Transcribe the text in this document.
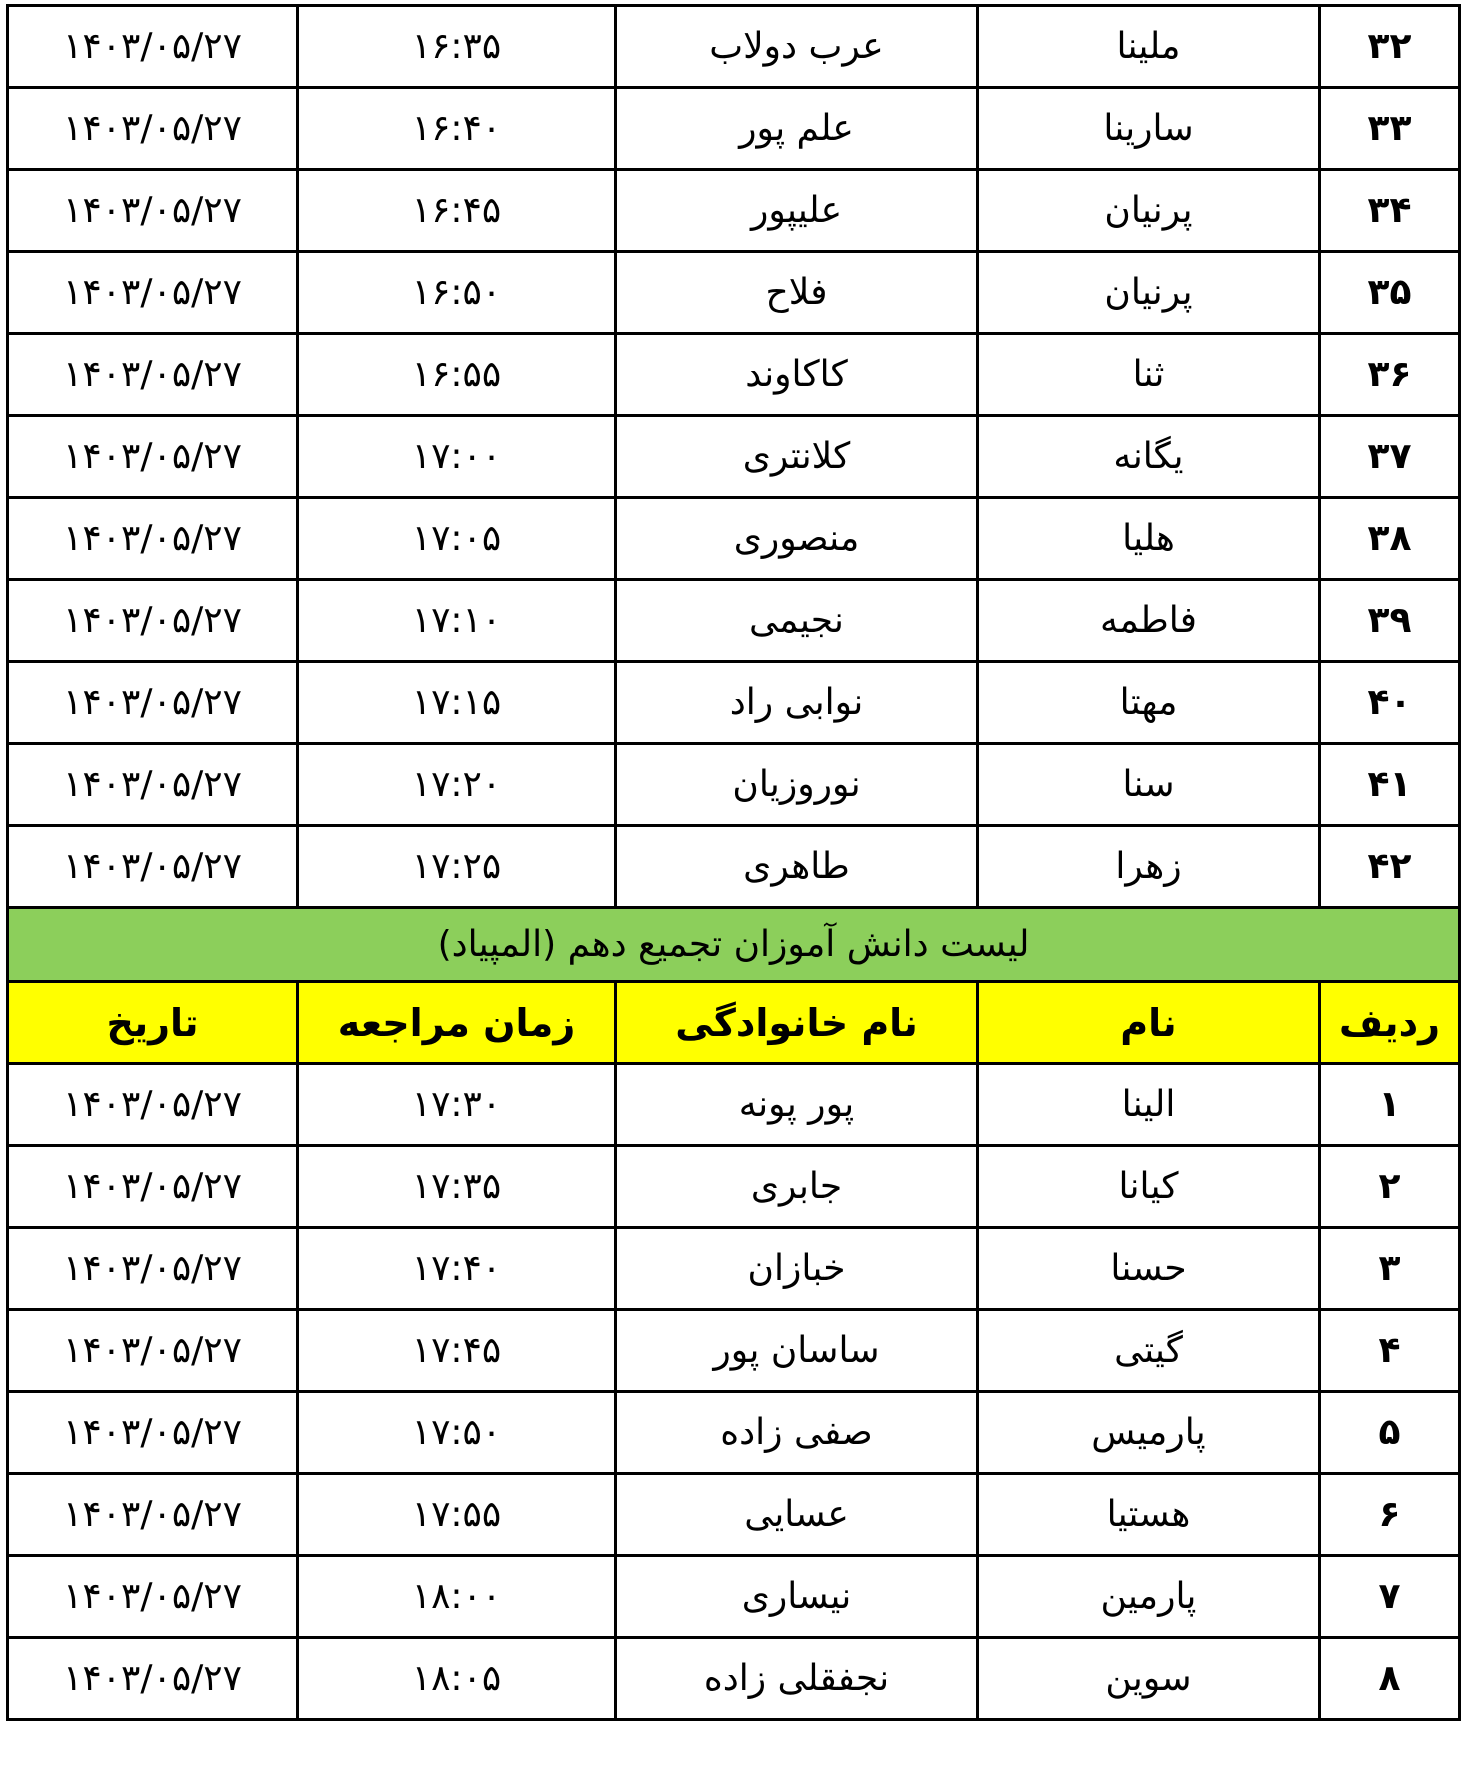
۱۴۰۳/۰۵/۲۷	۱۶:۳۵	عرب دولاب	ملینا	۳۲
۱۴۰۳/۰۵/۲۷	۱۶:۴۰	علم پور	سارینا	۳۳
۱۴۰۳/۰۵/۲۷	۱۶:۴۵	علیپور	پرنیان	۳۴
۱۴۰۳/۰۵/۲۷	۱۶:۵۰	فلاح	پرنیان	۳۵
۱۴۰۳/۰۵/۲۷	۱۶:۵۵	کاکاوند	ثنا	۳۶
۱۴۰۳/۰۵/۲۷	۱۷:۰۰	کلانتری	یگانه	۳۷
۱۴۰۳/۰۵/۲۷	۱۷:۰۵	منصوری	هلیا	۳۸
۱۴۰۳/۰۵/۲۷	۱۷:۱۰	نجیمی	فاطمه	۳۹
۱۴۰۳/۰۵/۲۷	۱۷:۱۵	نوابی راد	مهتا	۴۰
۱۴۰۳/۰۵/۲۷	۱۷:۲۰	نوروزیان	سنا	۴۱
۱۴۰۳/۰۵/۲۷	۱۷:۲۵	طاهری	زهرا	۴۲
لیست دانش آموزان تجمیع دهم (المپیاد)				
تاریخ	زمان مراجعه	نام خانوادگی	نام	ردیف
۱۴۰۳/۰۵/۲۷	۱۷:۳۰	پور پونه	الینا	۱
۱۴۰۳/۰۵/۲۷	۱۷:۳۵	جابری	کیانا	۲
۱۴۰۳/۰۵/۲۷	۱۷:۴۰	خبازان	حسنا	۳
۱۴۰۳/۰۵/۲۷	۱۷:۴۵	ساسان پور	گیتی	۴
۱۴۰۳/۰۵/۲۷	۱۷:۵۰	صفی زاده	پارمیس	۵
۱۴۰۳/۰۵/۲۷	۱۷:۵۵	عسایی	هستیا	۶
۱۴۰۳/۰۵/۲۷	۱۸:۰۰	نیساری	پارمین	۷
۱۴۰۳/۰۵/۲۷	۱۸:۰۵	نجفقلی زاده	سوین	۸
